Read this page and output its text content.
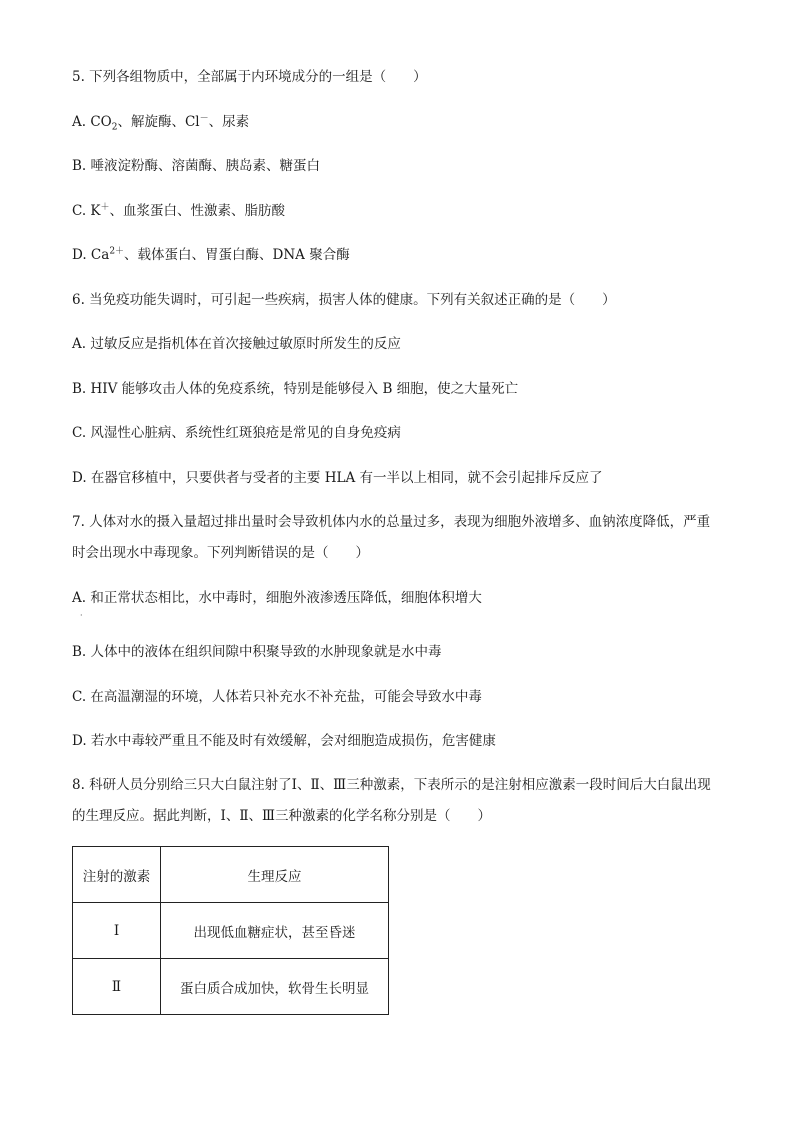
5. 下列各组物质中，全部属于内环境成分的一组是（　　）
A. $CO_2$、解旋酶、Cl－、尿素
B. 唾液淀粉酶、溶菌酶、胰岛素、糖蛋白
C. K＋、血浆蛋白、性激素、脂肪酸
D. $Ca^{2+}$、载体蛋白、胃蛋白酶、DNA 聚合酶
6. 当免疫功能失调时，可引起一些疾病，损害人体的健康。下列有关叙述正确的是（　　）
A. 过敏反应是指机体在首次接触过敏原时所发生的反应
B. HIV 能够攻击人体的免疫系统，特别是能够侵入 B 细胞，使之大量死亡
C. 风湿性心脏病、系统性红斑狼疮是常见的自身免疫病
D. 在器官移植中，只要供者与受者的主要 HLA 有一半以上相同，就不会引起排斥反应了
7. 人体对水的摄入量超过排出量时会导致机体内水的总量过多，表现为细胞外液增多、血钠浓度降低，严重时会出现水中毒现象。下列判断错误的是（　　）
A. 和正常状态相比，水中毒时，细胞外液渗透压降低，细胞体积增大
·
B. 人体中的液体在组织间隙中积聚导致的水肿现象就是水中毒
C. 在高温潮湿的环境，人体若只补充水不补充盐，可能会导致水中毒
D. 若水中毒较严重且不能及时有效缓解，会对细胞造成损伤，危害健康
8. 科研人员分别给三只大白鼠注射了Ⅰ、Ⅱ、Ⅲ三种激素，下表所示的是注射相应激素一段时间后大白鼠出现的生理反应。据此判断，Ⅰ、Ⅱ、Ⅲ三种激素的化学名称分别是（　　）
注射的激素	生理反应
Ⅰ	出现低血糖症状，甚至昏迷
Ⅱ	蛋白质合成加快，软骨生长明显
